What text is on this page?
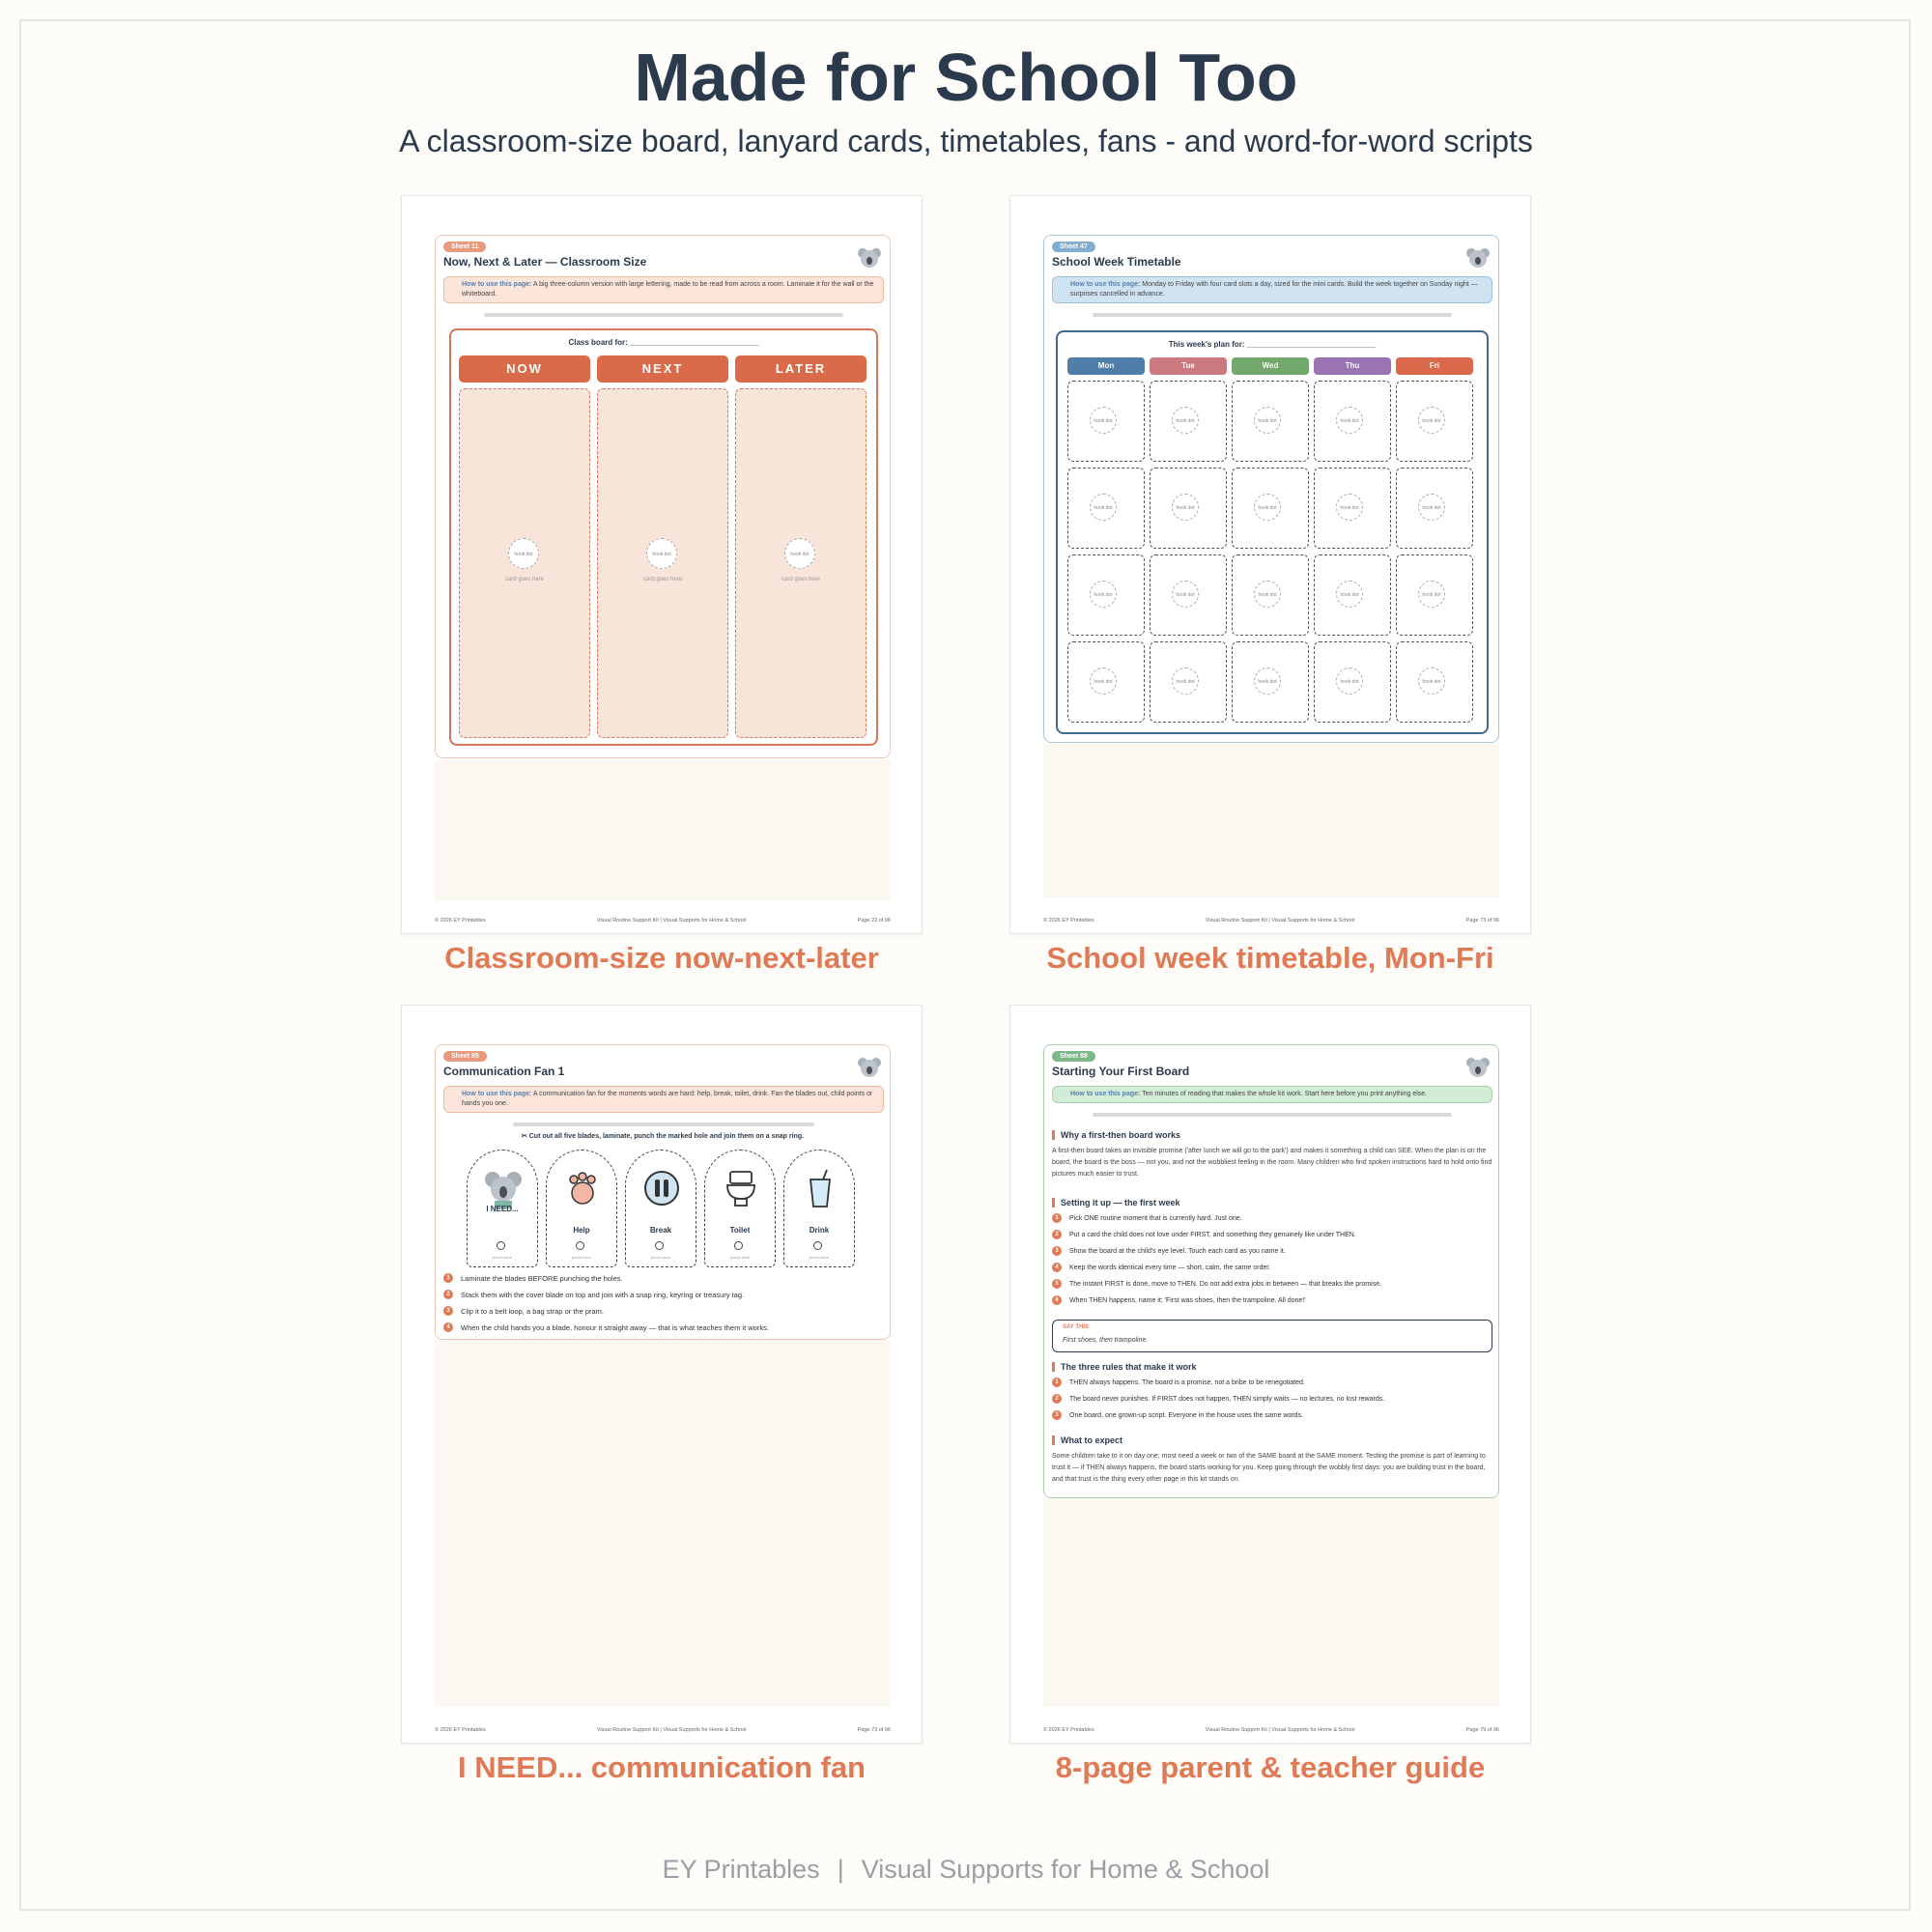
Made for School Too
A classroom-size board, lanyard cards, timetables, fans - and word-for-word scripts
Sheet 11
Now, Next & Later — Classroom Size
How to use this page: A big three-column version with large lettering, made to be read from across a room. Laminate it for the wall or the whiteboard.
Class board for: ______________________________
NOW	NEXT	LATER
hook dot
card goes here
hook dot
card goes here
hook dot
card goes here
© 2026 EY Printables	Visual Routine Support Kit | Visual Supports for Home & School	Page 22 of 96
Classroom-size now-next-later
Sheet 47
School Week Timetable
How to use this page: Monday to Friday with four card slots a day, sized for the mini cards. Build the week together on Sunday night — surprises cancelled in advance.
This week's plan for: ______________________________
Mon	Tue	Wed	Thu	Fri
hook dot	hook dot	hook dot	hook dot	hook dot
hook dot	hook dot	hook dot	hook dot	hook dot
hook dot	hook dot	hook dot	hook dot	hook dot
hook dot	hook dot	hook dot	hook dot	hook dot
© 2026 EY Printables	Visual Routine Support Kit | Visual Supports for Home & School	Page 73 of 96
School week timetable, Mon-Fri
Sheet 85
Communication Fan 1
How to use this page: A communication fan for the moments words are hard: help, break, toilet, drink. Fan the blades out, child points or hands you one.
✂ Cut out all five blades, laminate, punch the marked hole and join them on a snap ring.
I NEED...
punch here
Help
punch here
Break
punch here
Toilet
punch here
Drink
punch here
1	Laminate the blades BEFORE punching the holes.
2	Stack them with the cover blade on top and join with a snap ring, keyring or treasury tag.
3	Clip it to a belt loop, a bag strap or the pram.
4	When the child hands you a blade, honour it straight away — that is what teaches them it works.
© 2026 EY Printables	Visual Routine Support Kit | Visual Supports for Home & School	Page 73 of 96
I NEED... communication fan
Sheet 88
Starting Your First Board
How to use this page: Ten minutes of reading that makes the whole kit work. Start here before you print anything else.
Why a first-then board works
A first-then board takes an invisible promise ('after lunch we will go to the park') and makes it something a child can SEE. When the plan is on the board, the board is the boss — not you, and not the wobbliest feeling in the room. Many children who find spoken instructions hard to hold onto find pictures much easier to trust.
Setting it up — the first week
1	Pick ONE routine moment that is currently hard. Just one.
2	Put a card the child does not love under FIRST, and something they genuinely like under THEN.
3	Show the board at the child's eye level. Touch each card as you name it.
4	Keep the words identical every time — short, calm, the same order.
5	The instant FIRST is done, move to THEN. Do not add extra jobs in between — that breaks the promise.
6	When THEN happens, name it: 'First was shoes, then the trampoline. All done!'
SAY THIS
First shoes, then trampoline.
The three rules that make it work
1	THEN always happens. The board is a promise, not a bribe to be renegotiated.
2	The board never punishes. If FIRST does not happen, THEN simply waits — no lectures, no lost rewards.
3	One board, one grown-up script. Everyone in the house uses the same words.
What to expect
Some children take to it on day one; most need a week or two of the SAME board at the SAME moment. Testing the promise is part of learning to trust it — if THEN always happens, the board starts working for you. Keep going through the wobbly first days: you are building trust in the board, and that trust is the thing every other page in this kit stands on.
© 2026 EY Printables	Visual Routine Support Kit | Visual Supports for Home & School	Page 79 of 96
8-page parent & teacher guide
EY Printables | Visual Supports for Home & School
